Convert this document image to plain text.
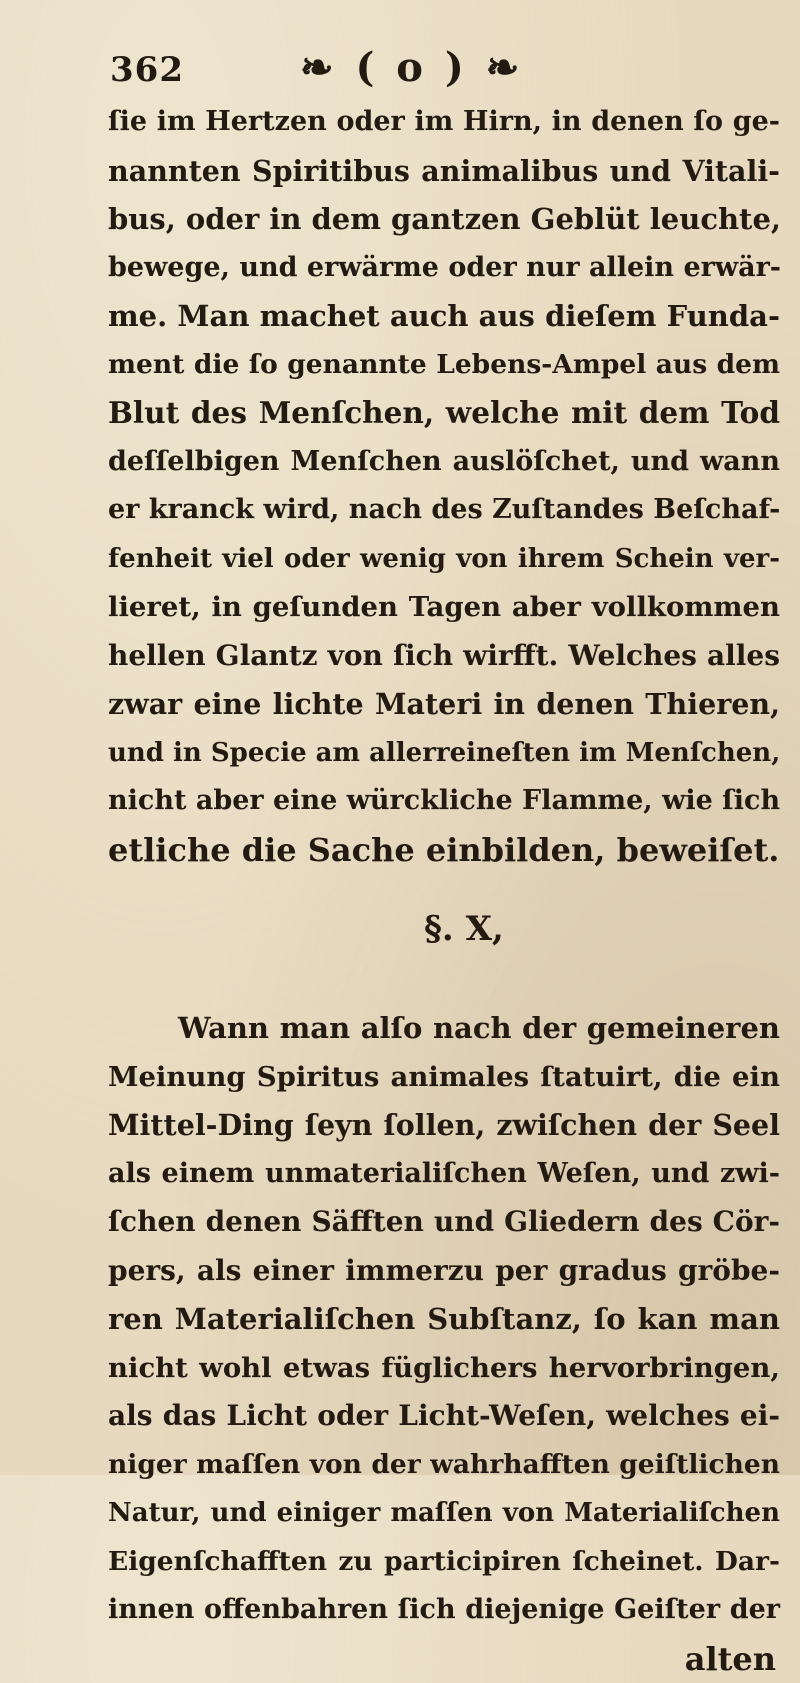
362	❧ ( o ) ❧
ſie im Hertzen oder im Hirn, in denen ſo ge-
nannten Spiritibus animalibus und Vitali-
bus, oder in dem gantzen Geblüt leuchte,
bewege, und erwärme oder nur allein erwär-
me. Man machet auch aus dieſem Funda-
ment die ſo genannte Lebens-Ampel aus dem
Blut des Menſchen, welche mit dem Tod
deſſelbigen Menſchen auslöſchet, und wann
er kranck wird, nach des Zuſtandes Beſchaf-
fenheit viel oder wenig von ihrem Schein ver-
lieret, in geſunden Tagen aber vollkommen
hellen Glantz von ſich wirfft. Welches alles
zwar eine lichte Materi in denen Thieren,
und in Specie am allerreineſten im Menſchen,
nicht aber eine würckliche Flamme, wie ſich
etliche die Sache einbilden, beweiſet.
§. X,
Wann man alſo nach der gemeineren
Meinung Spiritus animales ſtatuirt, die ein
Mittel-Ding ſeyn ſollen, zwiſchen der Seel
als einem unmaterialiſchen Weſen, und zwi-
ſchen denen Säfften und Gliedern des Cör-
pers, als einer immerzu per gradus gröbe-
ren Materialiſchen Subſtanz, ſo kan man
nicht wohl etwas füglichers hervorbringen,
als das Licht oder Licht-Weſen, welches ei-
niger maſſen von der wahrhafften geiſtlichen
Natur, und einiger maſſen von Materialiſchen
Eigenſchafften zu participiren ſcheinet. Dar-
innen offenbahren ſich diejenige Geiſter der
alten
